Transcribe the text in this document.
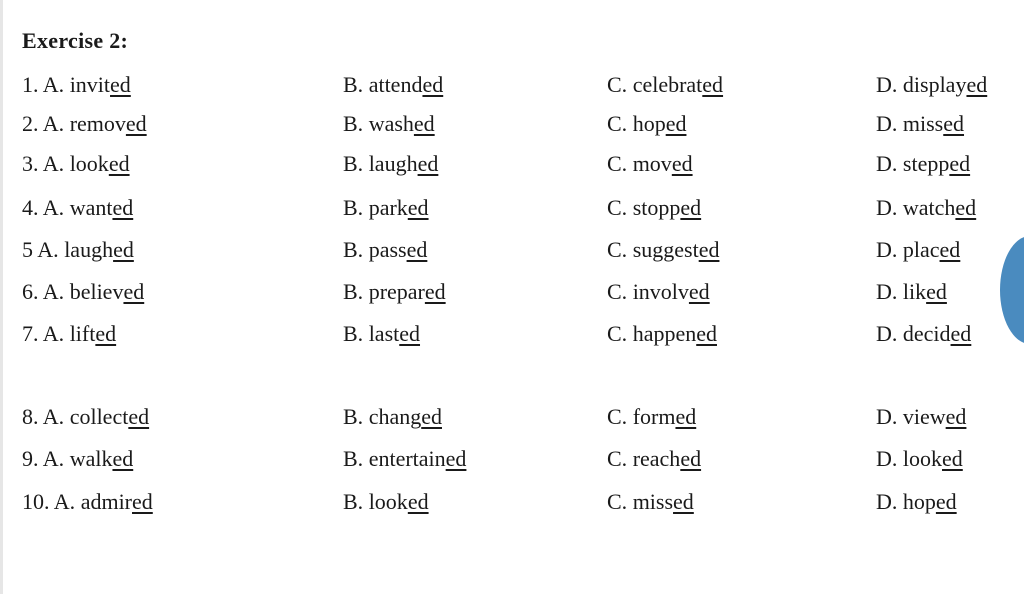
Exercise 2:
1. A. invited	B. attended	C. celebrated	D. displayed
2. A. removed	B. washed	C. hoped	D. missed
3. A. looked	B. laughed	C. moved	D. stepped
4. A. wanted	B. parked	C. stopped	D. watched
5 A. laughed	B. passed	C. suggested	D. placed
6. A. believed	B. prepared	C. involved	D. liked
7. A. lifted	B. lasted	C. happened	D. decided
8. A. collected	B. changed	C. formed	D. viewed
9. A. walked	B. entertained	C. reached	D. looked
10. A. admired	B. looked	C. missed	D. hoped
